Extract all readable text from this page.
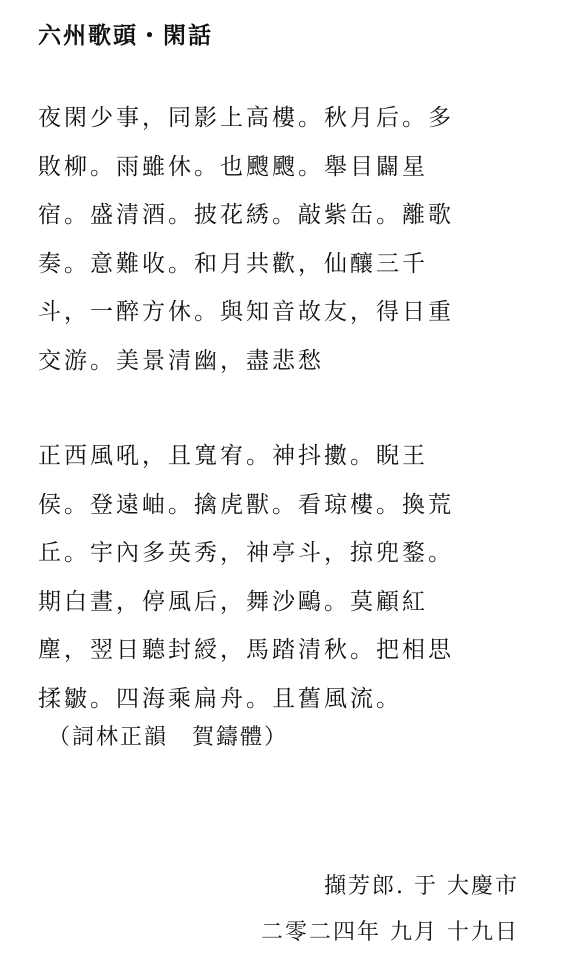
六州歌頭・閑話
夜閑少事，同影上高樓。秋月后。多
敗柳。雨雖休。也颼颼。舉目闢星
宿。盛清酒。披花綉。敲紫缶。離歌
奏。意難收。和月共歡，仙釀三千
斗，一醉方休。與知音故友，得日重
交游。美景清幽，盡悲愁
正西風吼，且寬宥。神抖擻。睨王
侯。登遠岫。擒虎獸。看琼樓。換荒
丘。宇內多英秀，神亭斗，掠兜鍪。
期白晝，停風后，舞沙鷗。莫顧紅
塵，翌日聽封綬，馬踏清秋。把相思
揉皺。四海乘扁舟。且舊風流。
（詞林正韻　賀鑄體）
擷芳郎. 于 大慶市
二零二四年 九月 十九日
